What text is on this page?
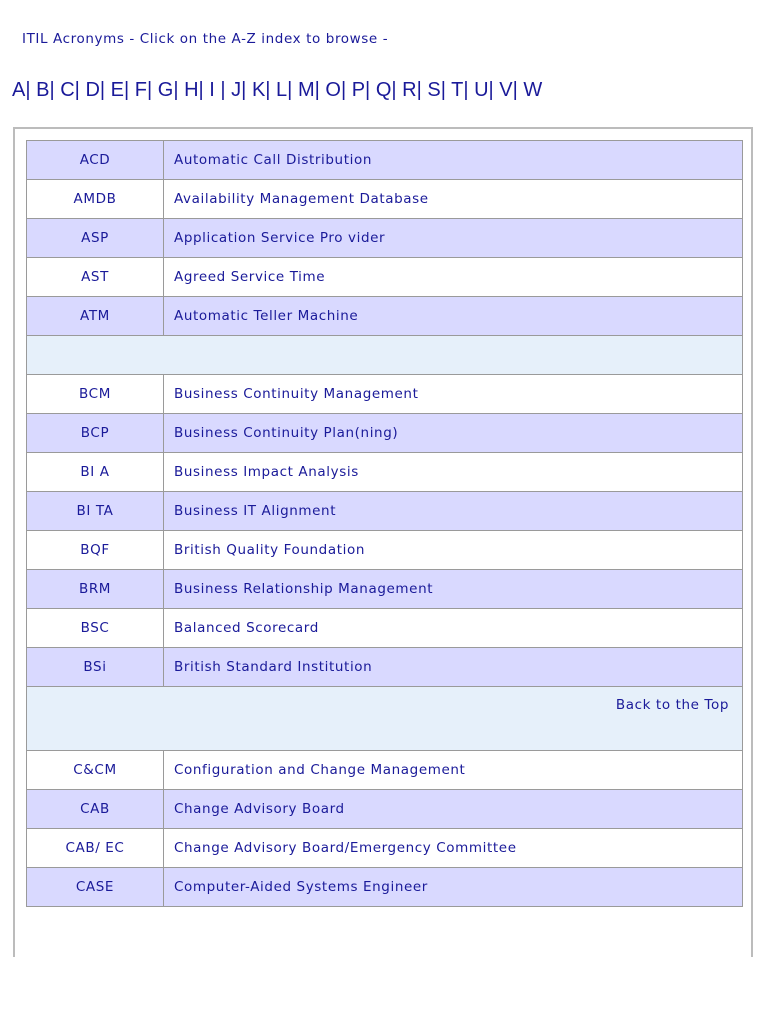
ITIL Acronyms - Click on the A-Z index to browse -
A| B| C| D| E| F| G| H| I | J| K| L| M| O| P| Q| R| S| T| U| V| W
ACD	Automatic Call Distribution
AMDB	Availability Management Database
ASP	Application Service Pro vider
AST	Agreed Service Time
ATM	Automatic Teller Machine

BCM	Business Continuity Management
BCP	Business Continuity Plan(ning)
BI A	Business Impact Analysis
BI TA	Business IT Alignment
BQF	British Quality Foundation
BRM	Business Relationship Management
BSC	Balanced Scorecard
BSi	British Standard Institution
Back to the Top	
C&CM	Configuration and Change Management
CAB	Change Advisory Board
CAB/ EC	Change Advisory Board/Emergency Committee
CASE	Computer-Aided Systems Engineer
